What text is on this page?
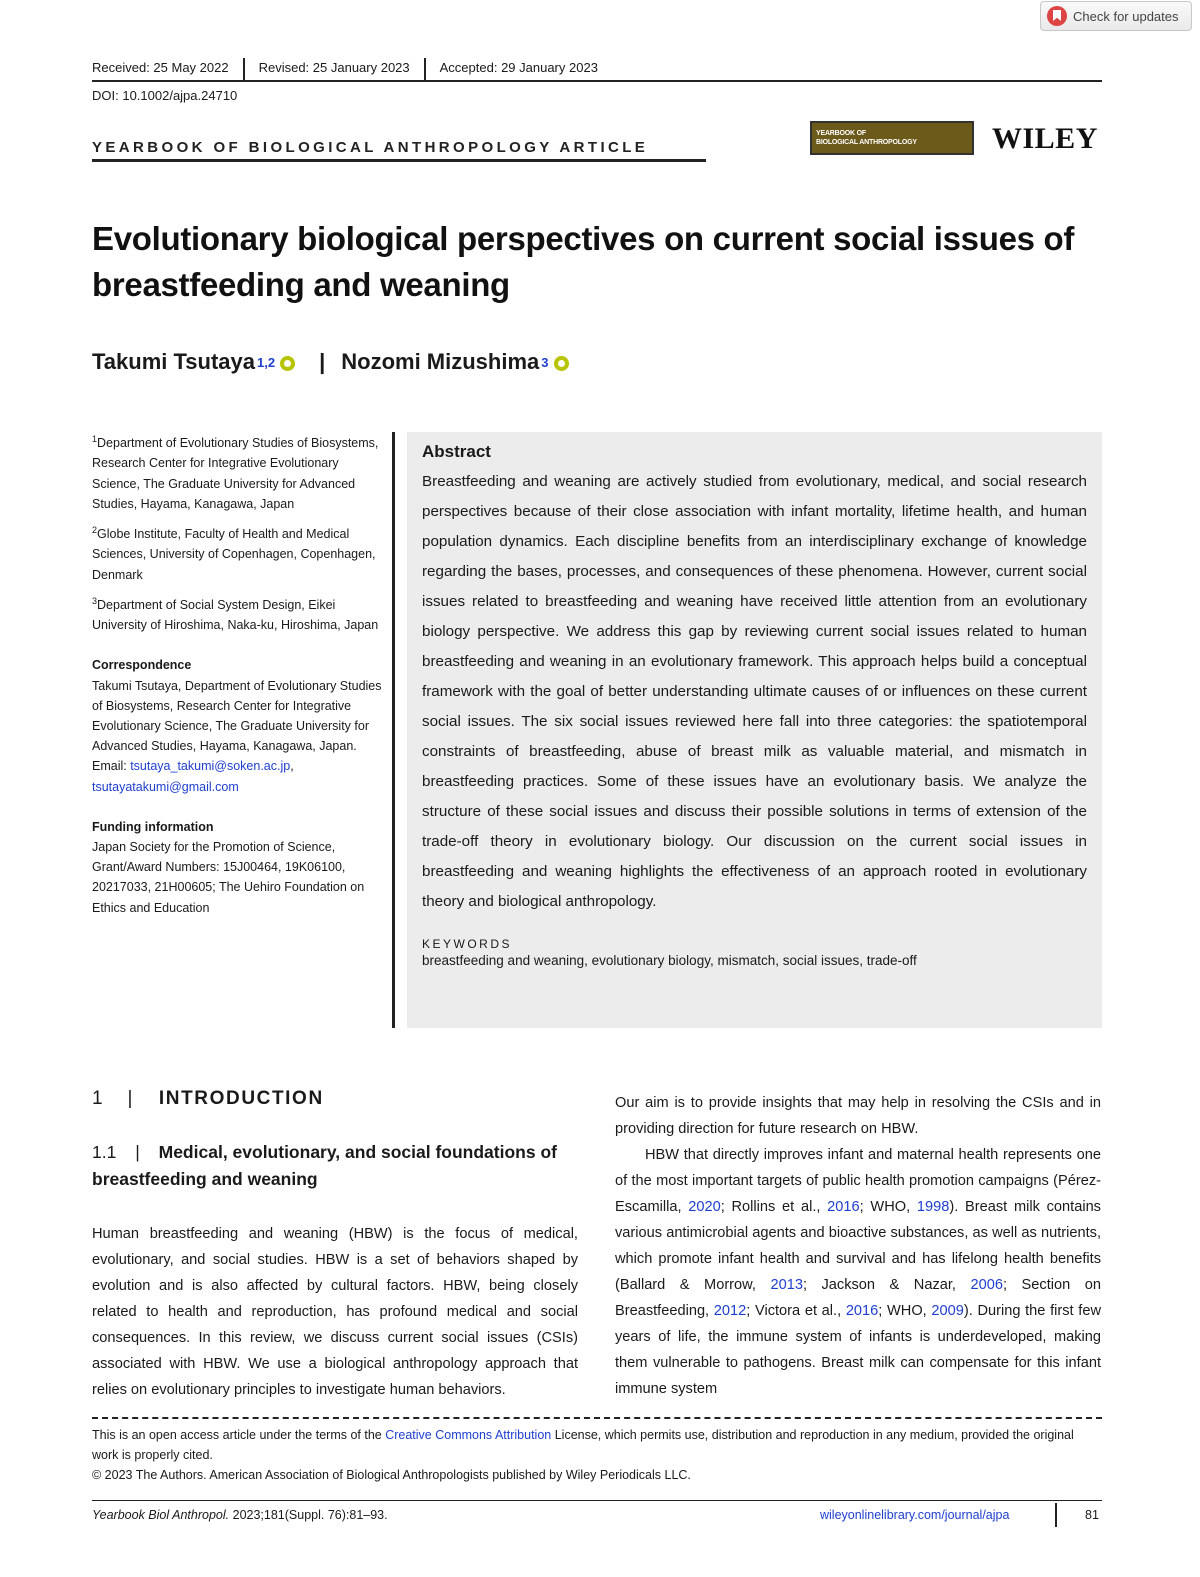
Check for updates
Received: 25 May 2022	Revised: 25 January 2023	Accepted: 29 January 2023
DOI: 10.1002/ajpa.24710
YEARBOOK OF BIOLOGICAL ANTHROPOLOGY ARTICLE
YEARBOOK OF
BIOLOGICAL ANTHROPOLOGY	WILEY
Evolutionary biological perspectives on current social issues of breastfeeding and weaning
Takumi Tsutaya 1,2 | Nozomi Mizushima 3

$^1$Department of Evolutionary Studies of Biosystems, Research Center for Integrative Evolutionary Science, The Graduate University for Advanced Studies, Hayama, Kanagawa, Japan

$^2$Globe Institute, Faculty of Health and Medical Sciences, University of Copenhagen, Copenhagen, Denmark

$^3$Department of Social System Design, Eikei University of Hiroshima, Naka-ku, Hiroshima, Japan

Correspondence

Takumi Tsutaya, Department of Evolutionary Studies of Biosystems, Research Center for Integrative Evolutionary Science, The Graduate University for Advanced Studies, Hayama, Kanagawa, Japan.
Email: tsutaya_takumi@soken.ac.jp,
tsutayatakumi@gmail.com

Funding information

Japan Society for the Promotion of Science, Grant/Award Numbers: 15J00464, 19K06100, 20217033, 21H00605; The Uehiro Foundation on Ethics and Education

Abstract
Breastfeeding and weaning are actively studied from evolutionary, medical, and social research perspectives because of their close association with infant mortality, lifetime health, and human population dynamics. Each discipline benefits from an interdisciplinary exchange of knowledge regarding the bases, processes, and consequences of these phenomena. However, current social issues related to breastfeeding and weaning have received little attention from an evolutionary biology perspective. We address this gap by reviewing current social issues related to human breastfeeding and weaning in an evolutionary framework. This approach helps build a conceptual framework with the goal of better understanding ultimate causes of or influences on these current social issues. The six social issues reviewed here fall into three categories: the spatiotemporal constraints of breastfeeding, abuse of breast milk as valuable material, and mismatch in breastfeeding practices. Some of these issues have an evolutionary basis. We analyze the structure of these social issues and discuss their possible solutions in terms of extension of the trade-off theory in evolutionary biology. Our discussion on the current social issues in breastfeeding and weaning highlights the effectiveness of an approach rooted in evolutionary theory and biological anthropology.
KEYWORDS
breastfeeding and weaning, evolutionary biology, mismatch, social issues, trade-off
1 | INTRODUCTION
1.1 | Medical, evolutionary, and social foundations of breastfeeding and weaning
Human breastfeeding and weaning (HBW) is the focus of medical, evolutionary, and social studies. HBW is a set of behaviors shaped by evolution and is also affected by cultural factors. HBW, being closely related to health and reproduction, has profound medical and social consequences. In this review, we discuss current social issues (CSIs) associated with HBW. We use a biological anthropology approach that relies on evolutionary principles to investigate human behaviors.

Our aim is to provide insights that may help in resolving the CSIs and in providing direction for future research on HBW.

HBW that directly improves infant and maternal health represents one of the most important targets of public health promotion campaigns (Pérez-Escamilla, 2020; Rollins et al., 2016; WHO, 1998). Breast milk contains various antimicrobial agents and bioactive substances, as well as nutrients, which promote infant health and survival and has lifelong health benefits (Ballard & Morrow, 2013; Jackson & Nazar, 2006; Section on Breastfeeding, 2012; Victora et al., 2016; WHO, 2009). During the first few years of life, the immune system of infants is underdeveloped, making them vulnerable to pathogens. Breast milk can compensate for this infant immune system

This is an open access article under the terms of the Creative Commons Attribution License, which permits use, distribution and reproduction in any medium, provided the original work is properly cited.

© 2023 The Authors. American Association of Biological Anthropologists published by Wiley Periodicals LLC.

Yearbook Biol Anthropol. 2023;181(Suppl. 76):81–93.	wileyonlinelibrary.com/journal/ajpa	81
